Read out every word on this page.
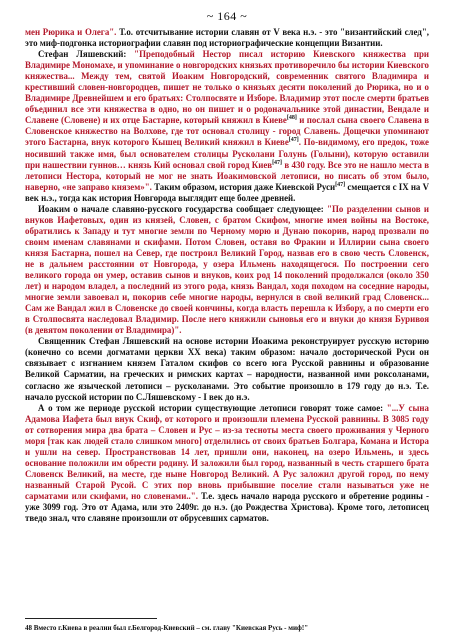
~ 164 ~

мен Рюрика и Олега". Т.о. отсчитывание истории славян от V века н.э. - это "византийский след", это миф-подгонка историографии славян под историографические концепции Византии.

Стефан Ляшевский: "Преподобный Нестор писал историю Киевского княжества при Владимире Мономахе, и упоминание о новгородских князьях противоречило бы истории Киевского княжества... Между тем, святой Иоаким Новгородский, современник святого Владимира и крестивший словен-новгородцев, пишет не только о князьях десяти поколений до Рюрика, но и о Владимире Древнейшем и его братьях: Столпосвяте и Изборе. Владимир этот после смерти братьев объединил все эти княжества в одно, но он пишет и о родоначальнике этой династии, Вендале и Славене (Словене) и их отце Бастарне, который княжил в Киеве[48] и послал сына своего Славена в Словенское княжество на Волхове, где тот основал столицу - город Славень. Дощечки упоминают этого Бастарна, внук которого Кышец Великий княжил в Киеве[47]. По-видимому, его предок, тоже носивший также имя, был основателем столицы Русколани Голунь (Голыни), которую оставили при нашествии гуннов… князь Кий основал свой город Киев[47] в 430 году. Все это не нашло места в летописи Нестора, который не мог не знать Иоакимовской летописи, но писать об этом было, наверно, «не заправо князем»". Таким образом, история даже Киевской Руси[47] смещается с IX на V век н.э., тогда как история Новгорода выглядит еще более древней.

Иоаким о начале славяно-русского государства сообщает следующее: "По разделении сынов и внуков Иафетовых, один из князей, Словен, с братом Скифом, многие имея войны на Востоке, обратились к Западу и тут многие земли по Черному морю и Дунаю покорив, народ прозвали по своим именам славянами и скифами. Потом Словен, оставя во Фракии и Иллирии сына своего князя Бастарна, пошел на Север, где построил Великий Город, назвав его в свою честь Словенск, не в дальнем расстоянии от Новгорода, у озера Ильмень находящегося. По построении сего великого города он умер, оставив сынов и внуков, коих род 14 поколений продолжался (около 350 лет) и народом владел, а последний из этого рода, князь Вандал, ходя походом на соседние народы, многие земли завоевал и, покорив себе многие народы, вернулся в свой великий град Словенск... Сам же Вандал жил в Словенске до своей кончины, когда власть перешла к Избору, а по смерти его в Столпосвята наследовал Владимир. После него княжили сыновья его и внуки до князя Буривоя (в девятом поколении от Владимира)".

Священник Стефан Ляшевский на основе истории Иоакима реконструирует русскую историю (конечно со всеми догматами церкви ХХ века) таким образом: начало досторической Руси он связывает с изгнанием князем Гаталом скифов со всего юга Русской равнины и образование Великой Сарматии, на греческих и римских картах – народности, названной ими роксоланами, согласно же языческой летописи – русколанами. Это событие произошло в 179 году до н.э. Т.е. начало русской истории по С.Ляшевскому - I век до н.э.

А о том же периоде русской истории существующие летописи говорят тоже самое: "...У сына Адамова Иафета был внук Скиф, от которого и произошли племена Русской равнины. В 3085 году от сотворения мира два брата – Словен и Рус – из-за тесноты места своего проживания у Черного моря [так как людей стало слишком много] отделились от своих братьев Болгара, Комана и Истора и ушли на север. Пространствовав 14 лет, пришли они, наконец, на озеро Ильмень, и здесь основание положили им обрести родину. И заложили был город, названный в честь старшего брата Словенск Великий, на месте, где ныне Новгород Великий. А Рус заложил другой город, по нему названный Старой Русой. С этих пор вновь прибывшие поселие стали называться уже не сарматами или скифами, но словенами..". Т.е. здесь начало народа русского и обретение родины - уже 3099 год. Это от Адама, или это 2409г. до н.э. (до Рождества Христова). Кроме того, летописец тведо знал, что славяне произошли от обрусевших сарматов.

48 Вместо г.Киева в реалии был г.Белгород-Киевский – см. главу "Киевская Русь - миф!"
